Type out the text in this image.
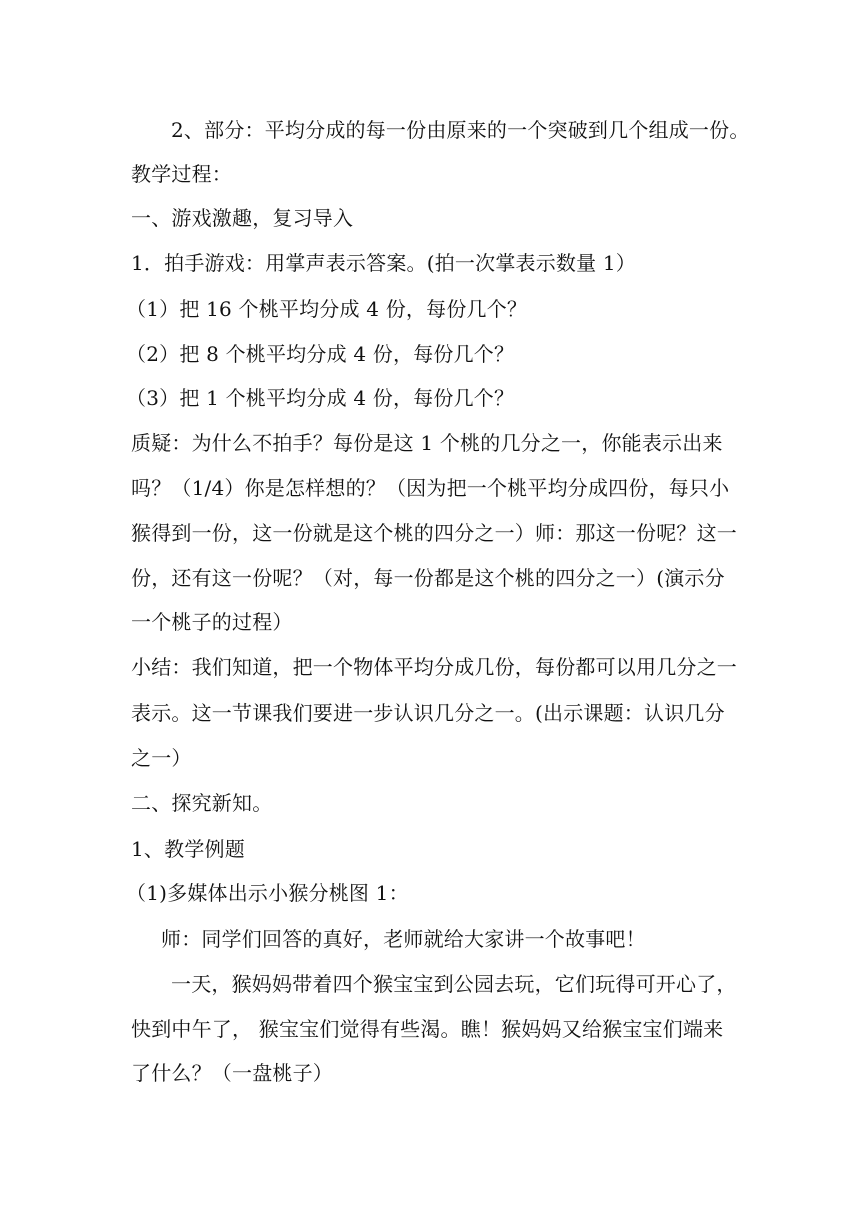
2、部分：平均分成的每一份由原来的一个突破到几个组成一份。
教学过程：
一、游戏激趣，复习导入
1．拍手游戏：用掌声表示答案。(拍一次掌表示数量 1）
（1）把 16 个桃平均分成 4 份，每份几个？
（2）把 8 个桃平均分成 4 份，每份几个？
（3）把 1 个桃平均分成 4 份，每份几个？
质疑：为什么不拍手？每份是这 1 个桃的几分之一，你能表示出来
吗？（1/4）你是怎样想的？（因为把一个桃平均分成四份，每只小
猴得到一份，这一份就是这个桃的四分之一）师：那这一份呢？这一
份，还有这一份呢？（对，每一份都是这个桃的四分之一）(演示分
一个桃子的过程）
小结：我们知道，把一个物体平均分成几份，每份都可以用几分之一
表示。这一节课我们要进一步认识几分之一。(出示课题：认识几分
之一）
二、探究新知。
1、教学例题
（1)多媒体出示小猴分桃图 1：
师：同学们回答的真好，老师就给大家讲一个故事吧！
一天，猴妈妈带着四个猴宝宝到公园去玩，它们玩得可开心了，
快到中午了， 猴宝宝们觉得有些渴。瞧！猴妈妈又给猴宝宝们端来
了什么？（一盘桃子）
